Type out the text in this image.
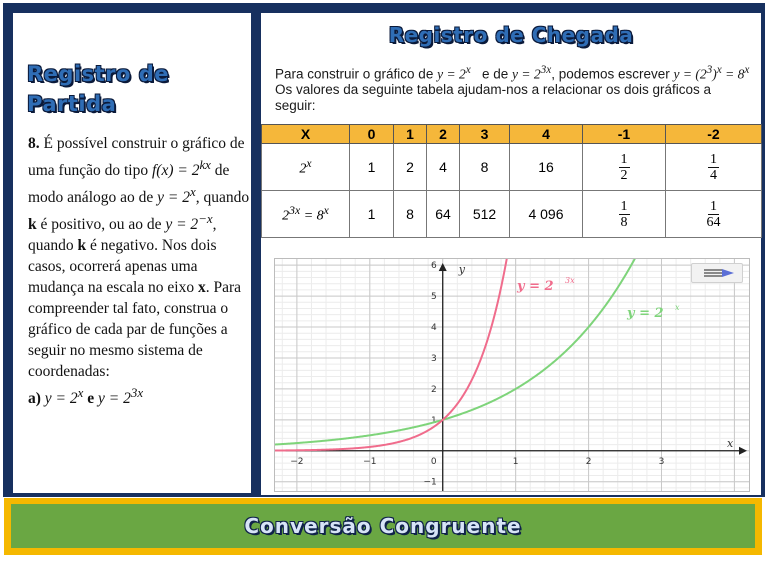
Registro de Partida
8. É possível construir o gráfico de uma função do tipo $f(x) = 2^{kx}$ de modo análogo ao de $y = 2^x$, quando k é positivo, ou ao de $y = 2^{-x}$, quando k é negativo. Nos dois casos, ocorrerá apenas uma mudança na escala no eixo x. Para compreender tal fato, construa o gráfico de cada par de funções a seguir no mesmo sistema de coordenadas:
a) $y = 2^x$ e $y = 2^{3x}$
Registro de Chegada
Para construir o gráfico de $y = 2^x$ e de $y = 2^{3x}$, podemos escrever $y = (2^3)^x = 8^x$ Os valores da seguinte tabela ajudam-nos a relacionar os dois gráficos a seguir:
X	0	1	2	3	4	-1	-2
2$^x$	1	2	4	8	16	$\frac{1}{2}$	$\frac{1}{4}$

$2^{3x} = 8^x$	1	8	64	512	4 096	$\frac{1}{8}$	$\frac{1}{64}$
−2	−1	0	1	2	3
−1
1
2
3
4
5
6 y
x
y = 2 3x
y = 2 x
Conversão Congruente
